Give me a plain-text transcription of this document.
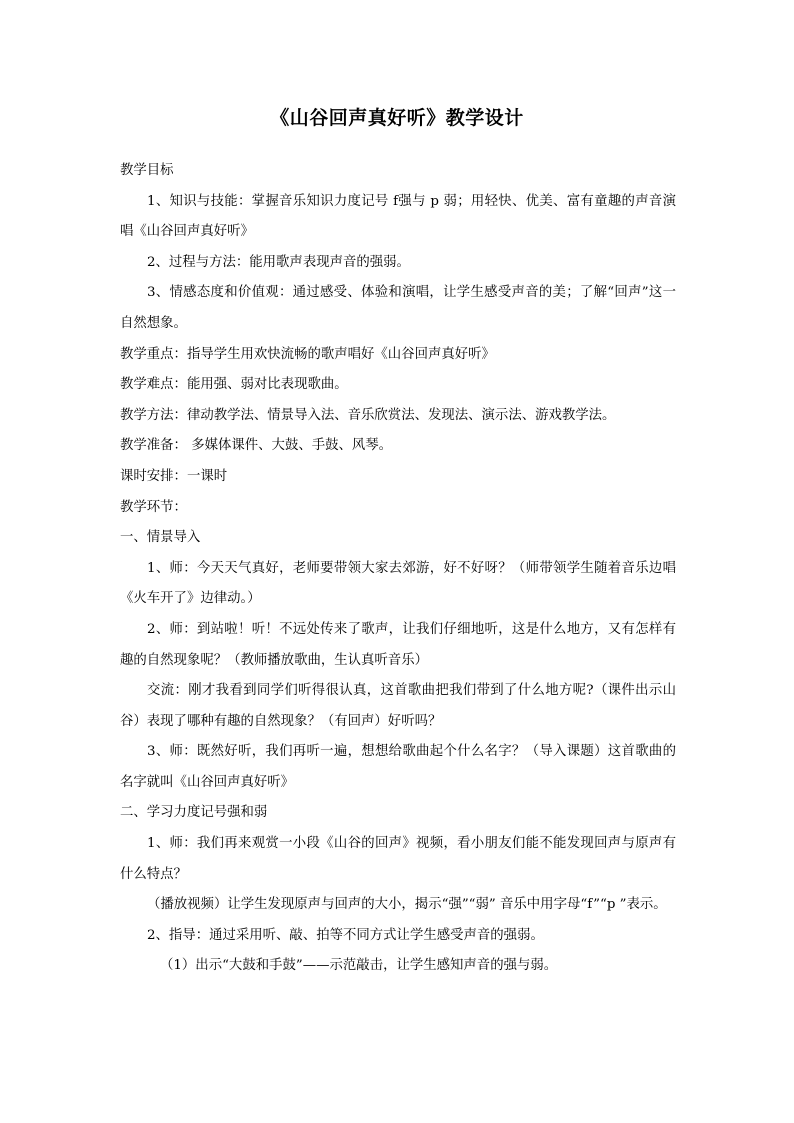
《山谷回声真好听》教学设计

教学目标

1、知识与技能：掌握音乐知识力度记号 f强与 p 弱；用轻快、优美、富有童趣的声音演唱《山谷回声真好听》

2、过程与方法：能用歌声表现声音的强弱。

3、情感态度和价值观：通过感受、体验和演唱，让学生感受声音的美；了解“回声”这一自然想象。

教学重点：指导学生用欢快流畅的歌声唱好《山谷回声真好听》

教学难点：能用强、弱对比表现歌曲。

教学方法：律动教学法、情景导入法、音乐欣赏法、发现法、演示法、游戏教学法。

教学准备： 多媒体课件、大鼓、手鼓、风琴。

课时安排：一课时

教学环节：

一、情景导入

1、师：今天天气真好，老师要带领大家去郊游，好不好呀？（师带领学生随着音乐边唱《火车开了》边律动。）

2、师：到站啦！听！不远处传来了歌声，让我们仔细地听，这是什么地方，又有怎样有趣的自然现象呢？（教师播放歌曲，生认真听音乐）

交流：刚才我看到同学们听得很认真，这首歌曲把我们带到了什么地方呢?（课件出示山谷）表现了哪种有趣的自然现象？（有回声）好听吗？

3、师：既然好听，我们再听一遍，想想给歌曲起个什么名字？（导入课题）这首歌曲的名字就叫《山谷回声真好听》

二、学习力度记号强和弱

1、师：我们再来观赏一小段《山谷的回声》视频，看小朋友们能不能发现回声与原声有什么特点？

（播放视频）让学生发现原声与回声的大小，揭示“强”“弱” 音乐中用字母“f”“p ”表示。

2、指导：通过采用听、敲、拍等不同方式让学生感受声音的强弱。

（1）出示“大鼓和手鼓”——示范敲击，让学生感知声音的强与弱。
